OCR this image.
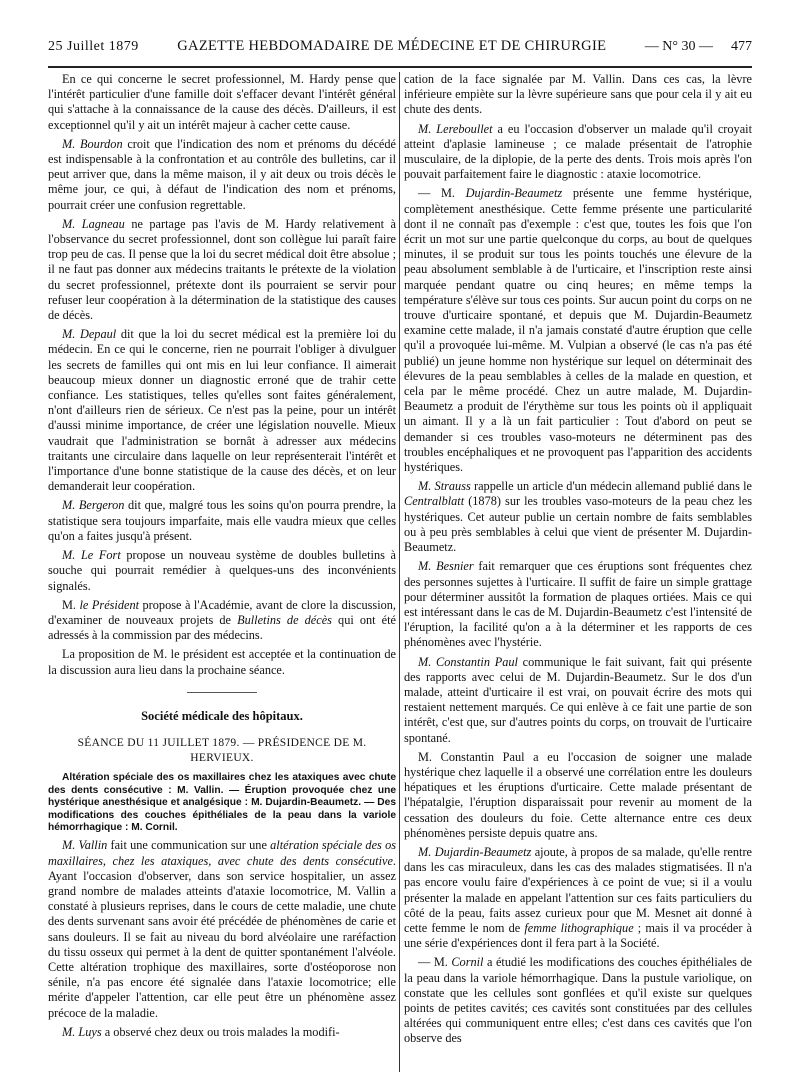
25 Juillet 1879	GAZETTE HEBDOMADAIRE DE MÉDECINE ET DE CHIRURGIE	— N° 30 — 477

En ce qui concerne le secret professionnel, M. Hardy pense que l'intérêt particulier d'une famille doit s'effacer devant l'intérêt général qui s'attache à la connaissance de la cause des décès. D'ailleurs, il est exceptionnel qu'il y ait un intérêt majeur à cacher cette cause.

M. Bourdon croit que l'indication des nom et prénoms du décédé est indispensable à la confrontation et au contrôle des bulletins, car il peut arriver que, dans la même maison, il y ait deux ou trois décès le même jour, ce qui, à défaut de l'indication des nom et prénoms, pourrait créer une confusion regrettable.

M. Lagneau ne partage pas l'avis de M. Hardy relativement à l'observance du secret professionnel, dont son collègue lui paraît faire trop peu de cas. Il pense que la loi du secret médical doit être absolue ; il ne faut pas donner aux médecins traitants le prétexte de la violation du secret professionnel, prétexte dont ils pourraient se servir pour refuser leur coopération à la détermination de la statistique des causes de décès.

M. Depaul dit que la loi du secret médical est la première loi du médecin. En ce qui le concerne, rien ne pourrait l'obliger à divulguer les secrets de familles qui ont mis en lui leur confiance. Il aimerait beaucoup mieux donner un diagnostic erroné que de trahir cette confiance. Les statistiques, telles qu'elles sont faites généralement, n'ont d'ailleurs rien de sérieux. Ce n'est pas la peine, pour un intérêt d'aussi minime importance, de créer une législation nouvelle. Mieux vaudrait que l'administration se bornât à adresser aux médecins traitants une circulaire dans laquelle on leur représenterait l'intérêt et l'importance d'une bonne statistique de la cause des décès, et on leur demanderait leur coopération.

M. Bergeron dit que, malgré tous les soins qu'on pourra prendre, la statistique sera toujours imparfaite, mais elle vaudra mieux que celles qu'on a faites jusqu'à présent.

M. Le Fort propose un nouveau système de doubles bulletins à souche qui pourrait remédier à quelques-uns des inconvénients signalés.

M. le Président propose à l'Académie, avant de clore la discussion, d'examiner de nouveaux projets de Bulletins de décès qui ont été adressés à la commission par des médecins.

La proposition de M. le président est acceptée et la continuation de la discussion aura lieu dans la prochaine séance.

Société médicale des hôpitaux.
SÉANCE DU 11 JUILLET 1879. — PRÉSIDENCE DE M. HERVIEUX.

Altération spéciale des os maxillaires chez les ataxiques avec chute des dents consécutive : M. Vallin. — Éruption provoquée chez une hystérique anesthésique et analgésique : M. Dujardin-Beaumetz. — Des modifications des couches épithéliales de la peau dans la variole hémorrhagique : M. Cornil.

M. Vallin fait une communication sur une altération spéciale des os maxillaires, chez les ataxiques, avec chute des dents consécutive. Ayant l'occasion d'observer, dans son service hospitalier, un assez grand nombre de malades atteints d'ataxie locomotrice, M. Vallin a constaté à plusieurs reprises, dans le cours de cette maladie, une chute des dents survenant sans avoir été précédée de phénomènes de carie et sans douleurs. Il se fait au niveau du bord alvéolaire une raréfaction du tissu osseux qui permet à la dent de quitter spontanément l'alvéole. Cette altération trophique des maxillaires, sorte d'ostéoporose non sénile, n'a pas encore été signalée dans l'ataxie locomotrice; elle mérite d'appeler l'attention, car elle peut être un phénomène assez précoce de la maladie.

M. Luys a observé chez deux ou trois malades la modifi-

cation de la face signalée par M. Vallin. Dans ces cas, la lèvre inférieure empiète sur la lèvre supérieure sans que pour cela il y ait eu chute des dents.

M. Lereboullet a eu l'occasion d'observer un malade qu'il croyait atteint d'aplasie lamineuse ; ce malade présentait de l'atrophie musculaire, de la diplopie, de la perte des dents. Trois mois après l'on pouvait parfaitement faire le diagnostic : ataxie locomotrice.

— M. Dujardin-Beaumetz présente une femme hystérique, complètement anesthésique. Cette femme présente une particularité dont il ne connaît pas d'exemple : c'est que, toutes les fois que l'on écrit un mot sur une partie quelconque du corps, au bout de quelques minutes, il se produit sur tous les points touchés une élevure de la peau absolument semblable à de l'urticaire, et l'inscription reste ainsi marquée pendant quatre ou cinq heures; en même temps la température s'élève sur tous ces points. Sur aucun point du corps on ne trouve d'urticaire spontané, et depuis que M. Dujardin-Beaumetz examine cette malade, il n'a jamais constaté d'autre éruption que celle qu'il a provoquée lui-même. M. Vulpian a observé (le cas n'a pas été publié) un jeune homme non hystérique sur lequel on déterminait des élevures de la peau semblables à celles de la malade en question, et cela par le même procédé. Chez un autre malade, M. Dujardin-Beaumetz a produit de l'érythème sur tous les points où il appliquait un aimant. Il y a là un fait particulier : Tout d'abord on peut se demander si ces troubles vaso-moteurs ne déterminent pas des troubles encéphaliques et ne provoquent pas l'apparition des accidents hystériques.

M. Strauss rappelle un article d'un médecin allemand publié dans le Centralblatt (1878) sur les troubles vaso-moteurs de la peau chez les hystériques. Cet auteur publie un certain nombre de faits semblables ou à peu près semblables à celui que vient de présenter M. Dujardin-Beaumetz.

M. Besnier fait remarquer que ces éruptions sont fréquentes chez des personnes sujettes à l'urticaire. Il suffit de faire un simple grattage pour déterminer aussitôt la formation de plaques ortiées. Mais ce qui est intéressant dans le cas de M. Dujardin-Beaumetz c'est l'intensité de l'éruption, la facilité qu'on a à la déterminer et les rapports de ces phénomènes avec l'hystérie.

M. Constantin Paul communique le fait suivant, fait qui présente des rapports avec celui de M. Dujardin-Beaumetz. Sur le dos d'un malade, atteint d'urticaire il est vrai, on pouvait écrire des mots qui restaient nettement marqués. Ce qui enlève à ce fait une partie de son intérêt, c'est que, sur d'autres points du corps, on trouvait de l'urticaire spontané.

M. Constantin Paul a eu l'occasion de soigner une malade hystérique chez laquelle il a observé une corrélation entre les douleurs hépatiques et les éruptions d'urticaire. Cette malade présentant de l'hépatalgie, l'éruption disparaissait pour revenir au moment de la cessation des douleurs du foie. Cette alternance entre ces deux phénomènes persiste depuis quatre ans.

M. Dujardin-Beaumetz ajoute, à propos de sa malade, qu'elle rentre dans les cas miraculeux, dans les cas des malades stigmatisées. Il n'a pas encore voulu faire d'expériences à ce point de vue; si il a voulu présenter la malade en appelant l'attention sur ces faits particuliers du côté de la peau, faits assez curieux pour que M. Mesnet ait donné à cette femme le nom de femme lithographique ; mais il va procéder à une série d'expériences dont il fera part à la Société.

— M. Cornil a étudié les modifications des couches épithéliales de la peau dans la variole hémorrhagique. Dans la pustule variolique, on constate que les cellules sont gonflées et qu'il existe sur quelques points de petites cavités; ces cavités sont constituées par des cellules altérées qui communiquent entre elles; c'est dans ces cavités que l'on observe des
